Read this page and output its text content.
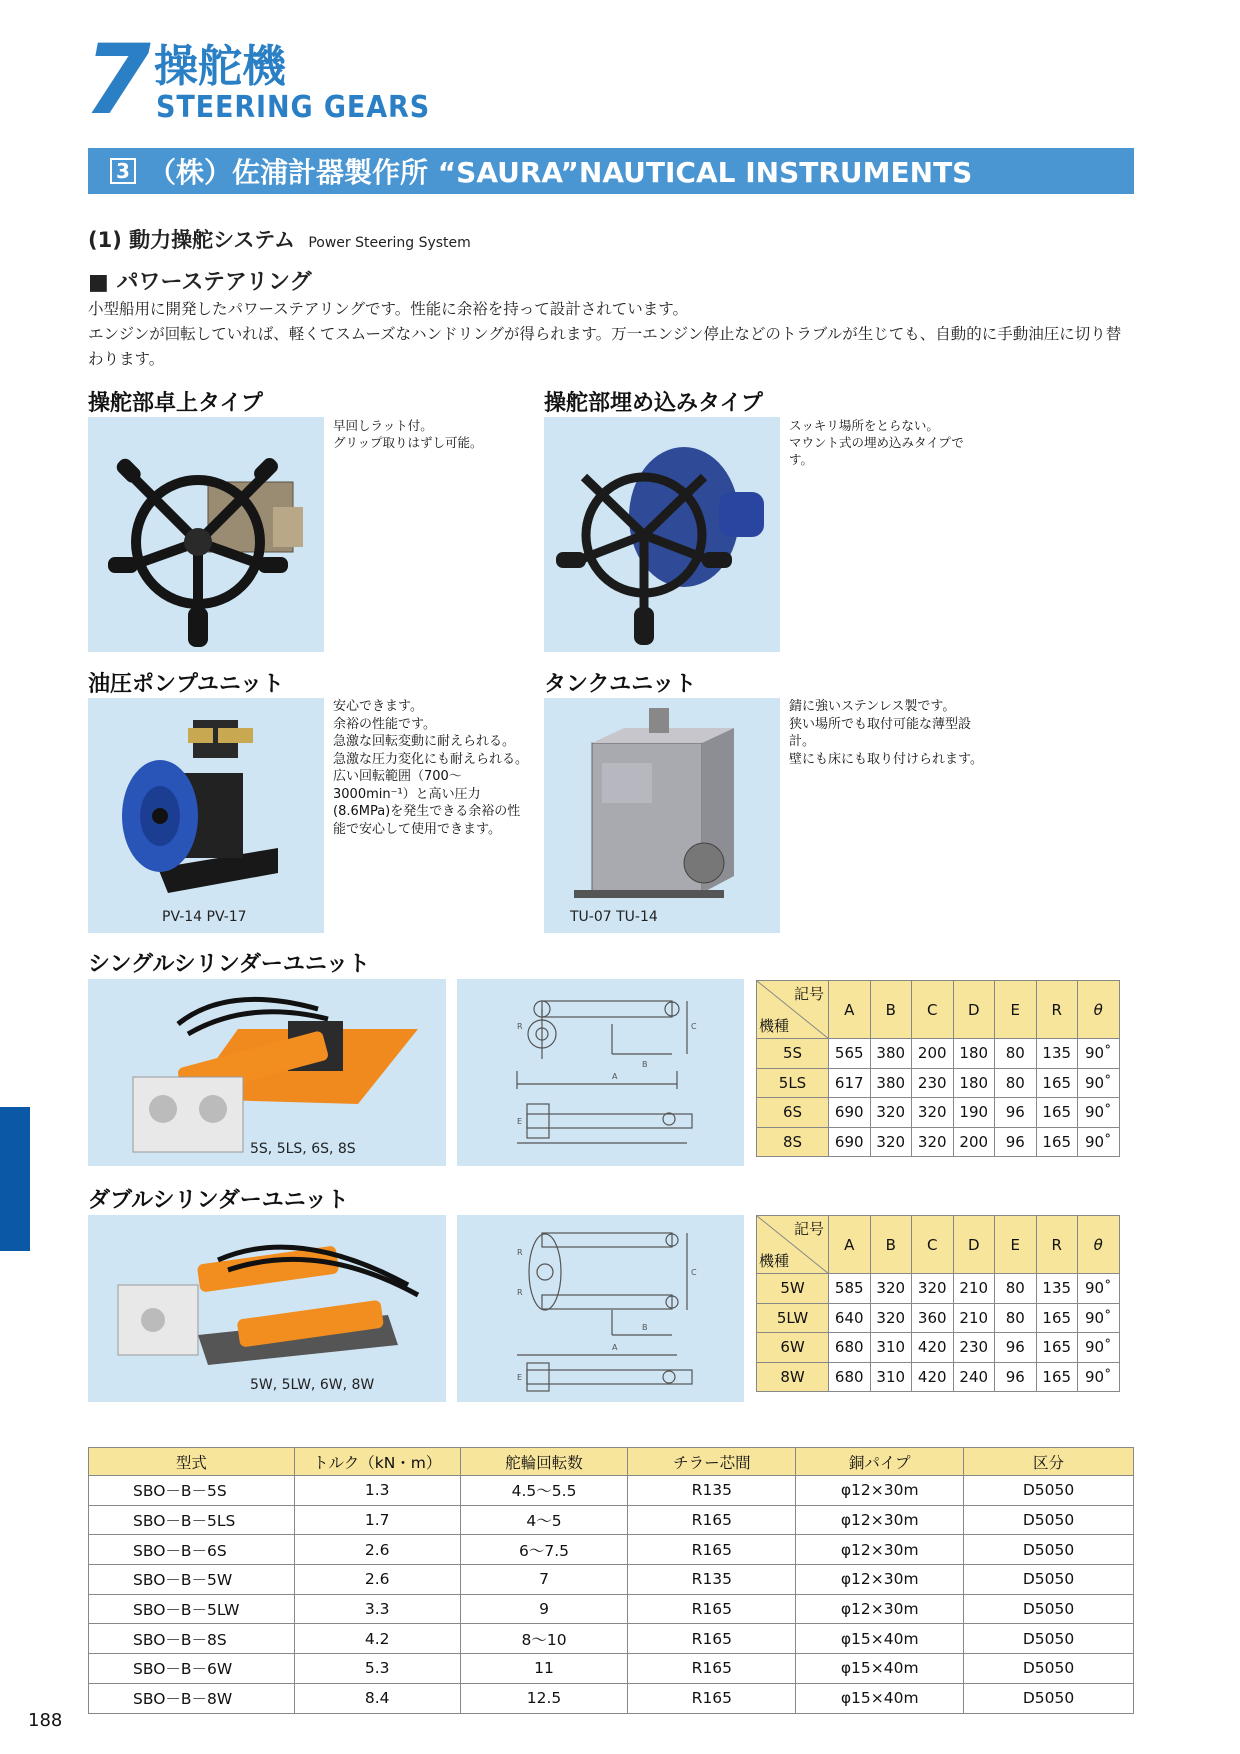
7 操舵機
STEERING GEARS
3 （株）佐浦計器製作所 “SAURA”NAUTICAL INSTRUMENTS
(1) 動力操舵システム Power Steering System
■ パワーステアリング
小型船用に開発したパワーステアリングです。性能に余裕を持って設計されています。
エンジンが回転していれば、軽くてスムーズなハンドリングが得られます。万一エンジン停止などのトラブルが生じても、自動的に手動油圧に切り替わります。
操舵部卓上タイプ
早回しラット付。
グリップ取りはずし可能。
操舵部埋め込みタイプ
スッキリ場所をとらない。
マウント式の埋め込みタイプです。
油圧ポンプユニット
PV-14 PV-17
安心できます。
余裕の性能です。
急激な回転変動に耐えられる。
急激な圧力変化にも耐えられる。
広い回転範囲（700〜3000min⁻¹）と高い圧力(8.6MPa)を発生できる余裕の性能で安心して使用できます。
タンクユニット
TU-07 TU-14
錆に強いステンレス製です。
狭い場所でも取付可能な薄型設計。
壁にも床にも取り付けられます。
シングルシリンダーユニット
5S, 5LS, 6S, 8S
A
B
C
R
E
記号
機種	A	B	C	D	E	R	θ
5S	565	380	200	180	80	135	90˚
5LS	617	380	230	180	80	165	90˚
6S	690	320	320	190	96	165	90˚
8S	690	320	320	200	96	165	90˚
ダブルシリンダーユニット
5W, 5LW, 6W, 8W
A
B
C
R
R
E
記号
機種	A	B	C	D	E	R	θ
5W	585	320	320	210	80	135	90˚
5LW	640	320	360	210	80	165	90˚
6W	680	310	420	230	96	165	90˚
8W	680	310	420	240	96	165	90˚
型式	トルク（kN・m）	舵輪回転数	チラー芯間	銅パイプ	区分
SBO－B－5S	1.3	4.5〜5.5	R135	φ12×30m	D5050
SBO－B－5LS	1.7	4〜5	R165	φ12×30m	D5050
SBO－B－6S	2.6	6〜7.5	R165	φ12×30m	D5050
SBO－B－5W	2.6	7	R135	φ12×30m	D5050
SBO－B－5LW	3.3	9	R165	φ12×30m	D5050
SBO－B－8S	4.2	8〜10	R165	φ15×40m	D5050
SBO－B－6W	5.3	11	R165	φ15×40m	D5050
SBO－B－8W	8.4	12.5	R165	φ15×40m	D5050
188
